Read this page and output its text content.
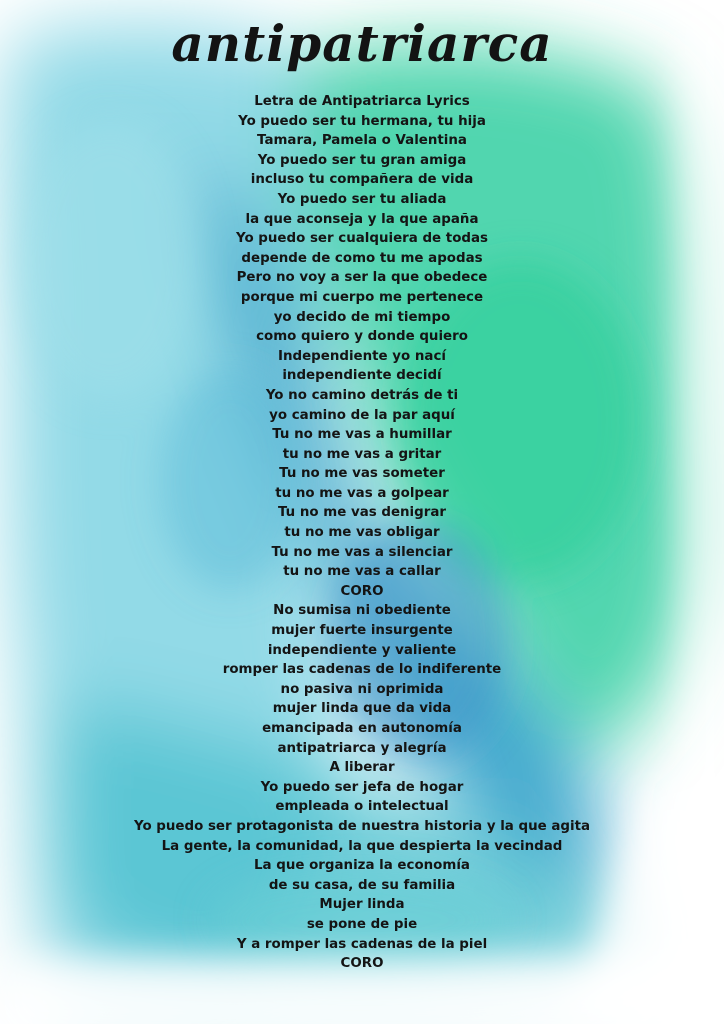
antipatriarca
Letra de Antipatriarca Lyrics
Yo puedo ser tu hermana, tu hija
Tamara, Pamela o Valentina
Yo puedo ser tu gran amiga
incluso tu compañera de vida
Yo puedo ser tu aliada
la que aconseja y la que apaña
Yo puedo ser cualquiera de todas
depende de como tu me apodas
Pero no voy a ser la que obedece
porque mi cuerpo me pertenece
yo decido de mi tiempo
como quiero y donde quiero
Independiente yo nací
independiente decidí
Yo no camino detrás de ti
yo camino de la par aquí
Tu no me vas a humillar
tu no me vas a gritar
Tu no me vas someter
tu no me vas a golpear
Tu no me vas denigrar
tu no me vas obligar
Tu no me vas a silenciar
tu no me vas a callar
CORO
No sumisa ni obediente
mujer fuerte insurgente
independiente y valiente
romper las cadenas de lo indiferente
no pasiva ni oprimida
mujer linda que da vida
emancipada en autonomía
antipatriarca y alegría
A liberar
Yo puedo ser jefa de hogar
empleada o intelectual
Yo puedo ser protagonista de nuestra historia y la que agita
La gente, la comunidad, la que despierta la vecindad
La que organiza la economía
de su casa, de su familia
Mujer linda
se pone de pie
Y a romper las cadenas de la piel
CORO
